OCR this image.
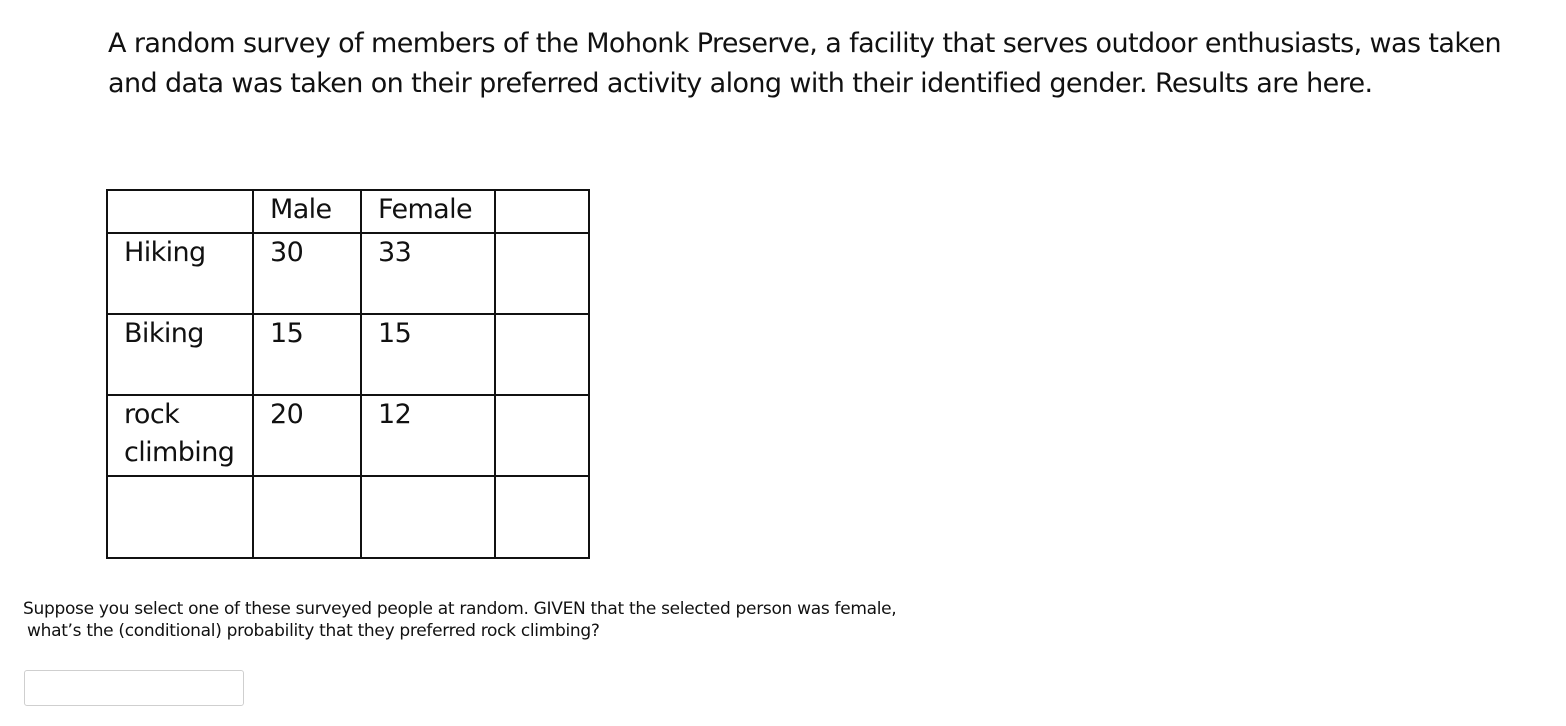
A random survey of members of the Mohonk Preserve, a facility that serves outdoor enthusiasts, was taken
and data was taken on their preferred activity along with their identified gender. Results are here.

	Male	Female	

Hiking	30	33	

Biking	15	15	

rock climbing	20	12	

Suppose you select one of these surveyed people at random. GIVEN that the selected person was female,
what’s the (conditional) probability that they preferred rock climbing?
